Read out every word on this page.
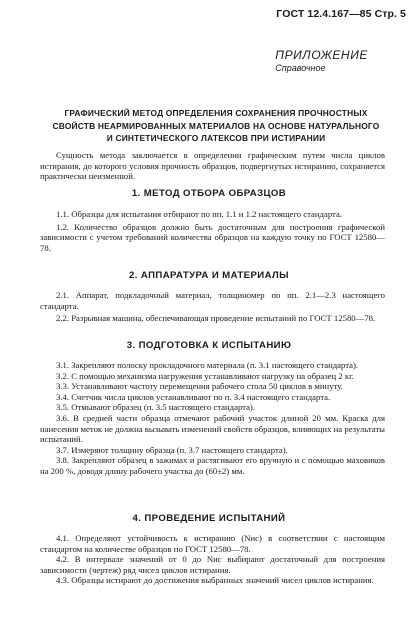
ГОСТ 12.4.167—85 Стр. 5
ПРИЛОЖЕНИЕ
Справочное
ГРАФИЧЕСКИЙ МЕТОД ОПРЕДЕЛЕНИЯ СОХРАНЕНИЯ ПРОЧНОСТНЫХ
СВОЙСТВ НЕАРМИРОВАННЫХ МАТЕРИАЛОВ НА ОСНОВЕ НАТУРАЛЬНОГО
И СИНТЕТИЧЕСКОГО ЛАТЕКСОВ ПРИ ИСТИРАНИИ

Сущность метода заключается в определении графическим путем числа циклов истирания, до которого условия прочность образцов, подвергнутых истиранию, сохраняется практически неизменной.

1. МЕТОД ОТБОРА ОБРАЗЦОВ

1.1. Образцы для испытания отбирают по пп. 1.1 и 1.2 настоящего стандарта.

1.2. Количество образцов должно быть достаточным для построения графической зависимости с учетом требований количества образцов на каждую точку по ГОСТ 12580—78.

2. АППАРАТУРА И МАТЕРИАЛЫ

2.1. Аппарат, подкладочный материал, толщиномер по пп. 2.1—2.3 настоящего стандарта.

2.2. Разрывная машина, обеспечивающая проведение испытаний по ГОСТ 12580—78.

3. ПОДГОТОВКА К ИСПЫТАНИЮ

3.1. Закрепляют полоску прокладочного материала (п. 3.1 настоящего стандарта).

3.2. С помощью механизма нагружения устанавливают нагрузку на образец 2 кг.

3.3. Устанавливают частоту перемещения рабочего стола 50 циклов в минуту.

3.4. Счетчик числа циклов устанавливают по п. 3.4 настоящего стандарта.

3.5. Отмывают образец (п. 3.5 настоящего стандарта).

3.6. В средней части образца отмечают рабочий участок длиной 20 мм. Краска для нанесения меток не должна вызывать изменений свойств образцов, влияющих на результаты испытаний.

3.7. Измеряют толщину образца (п. 3.7 настоящего стандарта).

3.8. Закрепляют образец в зажимах и растягивают его вручную и с помощью маховиков на 200 %, доводя длину рабочего участка до (60±2) мм.

4. ПРОВЕДЕНИЕ ИСПЫТАНИЙ

4.1. Определяют устойчивость к истиранию (Nиc) в соответствии с настоящим стандартом на количестве образцов по ГОСТ 12580—78.

4.2. В интервале значений от 0 до Nиc выбирают достаточный для построения зависимости (чертеж) ряд чисел циклов истирания.

4.3. Образцы истирают до достижения выбранных значений чисел циклов истирания.
